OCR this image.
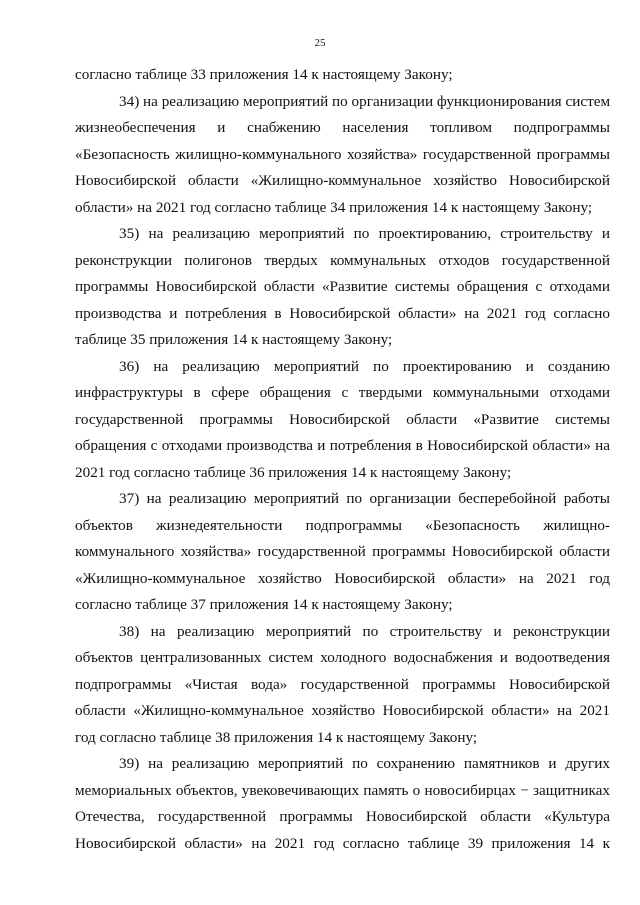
25
согласно таблице 33 приложения 14 к настоящему Закону;
34) на реализацию мероприятий по организации функционирования систем
жизнеобеспечения и снабжению населения топливом подпрограммы
«Безопасность жилищно-коммунального хозяйства» государственной программы
Новосибирской области «Жилищно-коммунальное хозяйство Новосибирской
области» на 2021 год согласно таблице 34 приложения 14 к настоящему Закону;
35) на реализацию мероприятий по проектированию, строительству и
реконструкции полигонов твердых коммунальных отходов государственной
программы Новосибирской области «Развитие системы обращения с отходами
производства и потребления в Новосибирской области» на 2021 год согласно
таблице 35 приложения 14 к настоящему Закону;
36) на реализацию мероприятий по проектированию и созданию
инфраструктуры в сфере обращения с твердыми коммунальными отходами
государственной программы Новосибирской области «Развитие системы
обращения с отходами производства и потребления в Новосибирской области» на
2021 год согласно таблице 36 приложения 14 к настоящему Закону;
37) на реализацию мероприятий по организации бесперебойной работы
объектов жизнедеятельности подпрограммы «Безопасность жилищно-
коммунального хозяйства» государственной программы Новосибирской области
«Жилищно-коммунальное хозяйство Новосибирской области» на 2021 год
согласно таблице 37 приложения 14 к настоящему Закону;
38) на реализацию мероприятий по строительству и реконструкции
объектов централизованных систем холодного водоснабжения и водоотведения
подпрограммы «Чистая вода» государственной программы Новосибирской
области «Жилищно-коммунальное хозяйство Новосибирской области» на 2021
год согласно таблице 38 приложения 14 к настоящему Закону;
39) на реализацию мероприятий по сохранению памятников и других
мемориальных объектов, увековечивающих память о новосибирцах − защитниках
Отечества, государственной программы Новосибирской области «Культура
Новосибирской области» на 2021 год согласно таблице 39 приложения 14 к
